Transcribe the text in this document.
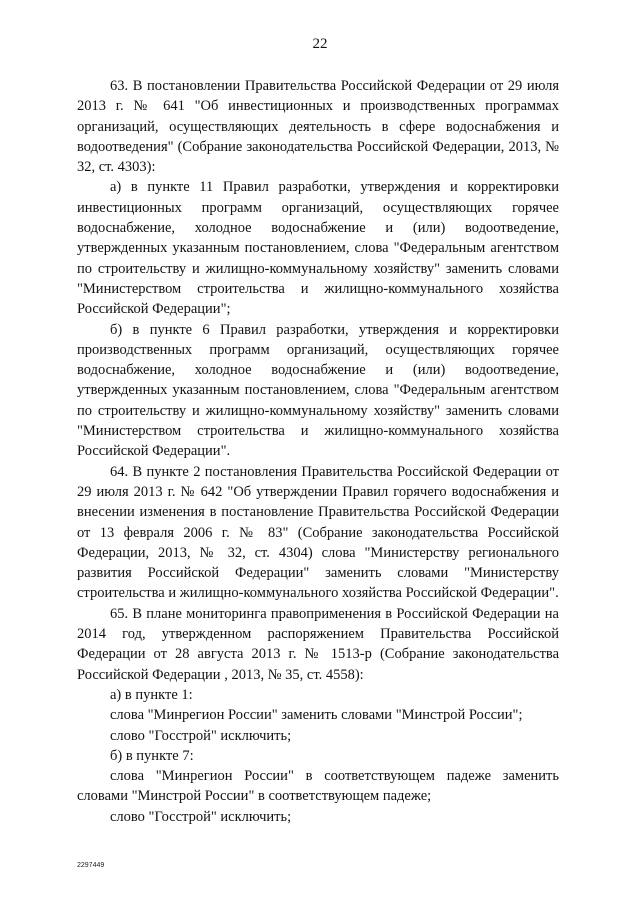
22

63. В постановлении Правительства Российской Федерации от 29 июля 2013 г. № 641 "Об инвестиционных и производственных программах организаций, осуществляющих деятельность в сфере водоснабжения и водоотведения" (Собрание законодательства Российской Федерации, 2013, № 32, ст. 4303):

а) в пункте 11 Правил разработки, утверждения и корректировки инвестиционных программ организаций, осуществляющих горячее водоснабжение, холодное водоснабжение и (или) водоотведение, утвержденных указанным постановлением, слова "Федеральным агентством по строительству и жилищно-коммунальному хозяйству" заменить словами "Министерством строительства и жилищно-коммунального хозяйства Российской Федерации";

б) в пункте 6 Правил разработки, утверждения и корректировки производственных программ организаций, осуществляющих горячее водоснабжение, холодное водоснабжение и (или) водоотведение, утвержденных указанным постановлением, слова "Федеральным агентством по строительству и жилищно-коммунальному хозяйству" заменить словами "Министерством строительства и жилищно-коммунального хозяйства Российской Федерации".

64. В пункте 2 постановления Правительства Российской Федерации от 29 июля 2013 г. № 642 "Об утверждении Правил горячего водоснабжения и внесении изменения в постановление Правительства Российской Федерации от 13 февраля 2006 г. № 83" (Собрание законодательства Российской Федерации, 2013, № 32, ст. 4304) слова "Министерству регионального развития Российской Федерации" заменить словами "Министерству строительства и жилищно-коммунального хозяйства Российской Федерации".

65. В плане мониторинга правоприменения в Российской Федерации на 2014 год, утвержденном распоряжением Правительства Российской Федерации от 28 августа 2013 г. № 1513-р (Собрание законодательства Российской Федерации , 2013, № 35, ст. 4558):

а) в пункте 1:

слова "Минрегион России" заменить словами "Минстрой России";

слово "Госстрой" исключить;

б) в пункте 7:

слова "Минрегион России" в соответствующем падеже заменить словами "Минстрой России" в соответствующем падеже;

слово "Госстрой" исключить;

2297449
